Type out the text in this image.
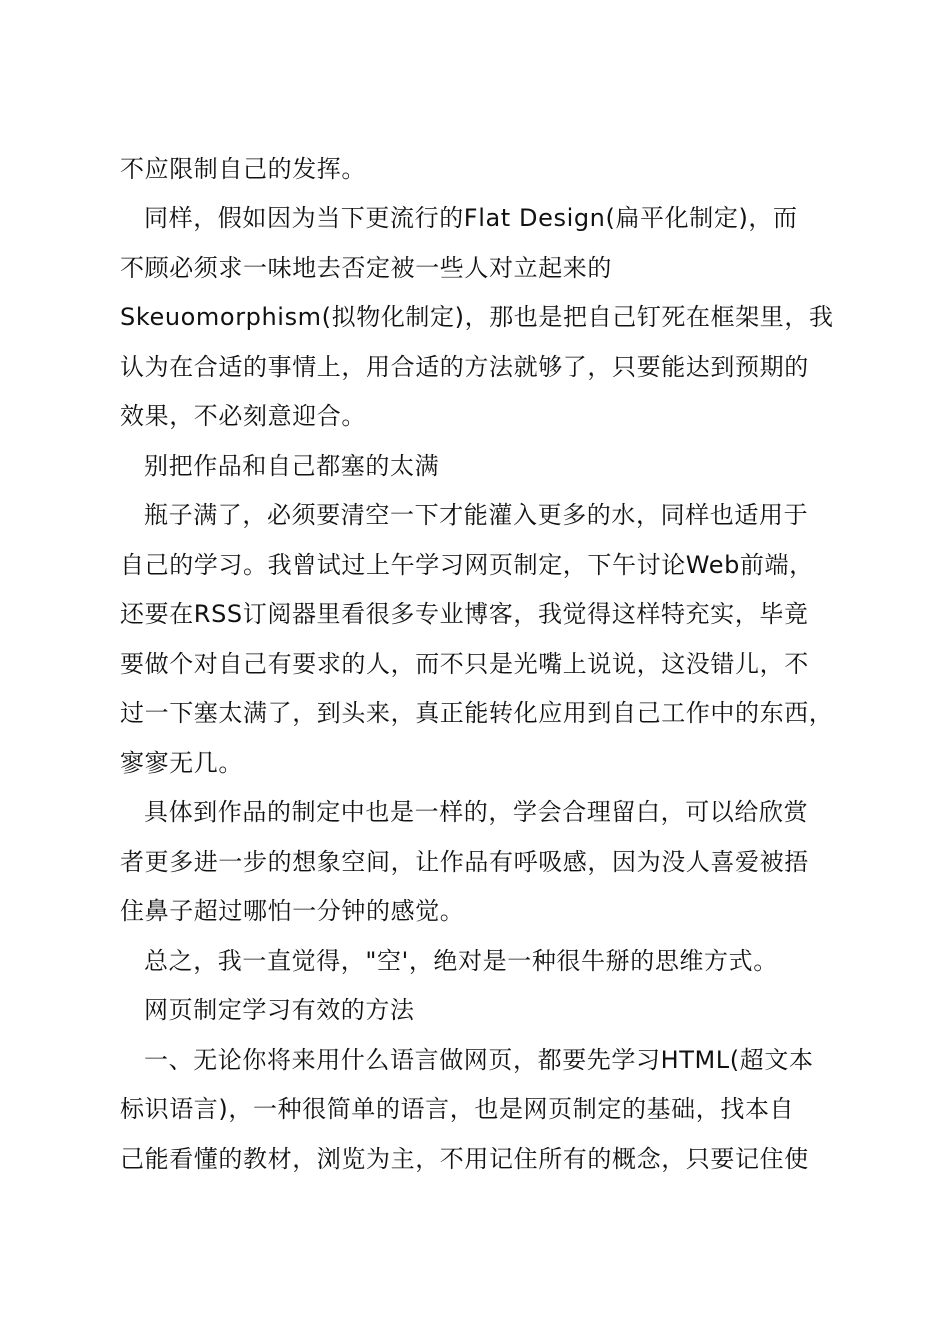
不应限制自己的发挥。
同样，假如因为当下更流行的Flat Design(扁平化制定)，而
不顾必须求一味地去否定被一些人对立起来的
Skeuomorphism(拟物化制定)，那也是把自己钉死在框架里，我
认为在合适的事情上，用合适的方法就够了，只要能达到预期的
效果，不必刻意迎合。
别把作品和自己都塞的太满
瓶子满了，必须要清空一下才能灌入更多的水，同样也适用于
自己的学习。我曾试过上午学习网页制定，下午讨论Web前端，
还要在RSS订阅器里看很多专业博客，我觉得这样特充实，毕竟
要做个对自己有要求的人，而不只是光嘴上说说，这没错儿，不
过一下塞太满了，到头来，真正能转化应用到自己工作中的东西，
寥寥无几。
具体到作品的制定中也是一样的，学会合理留白，可以给欣赏
者更多进一步的想象空间，让作品有呼吸感，因为没人喜爱被捂
住鼻子超过哪怕一分钟的感觉。
总之，我一直觉得，"空'，绝对是一种很牛掰的思维方式。
网页制定学习有效的方法
一、无论你将来用什么语言做网页，都要先学习HTML(超文本
标识语言)，一种很简单的语言，也是网页制定的基础，找本自
己能看懂的教材，浏览为主，不用记住所有的概念，只要记住使
